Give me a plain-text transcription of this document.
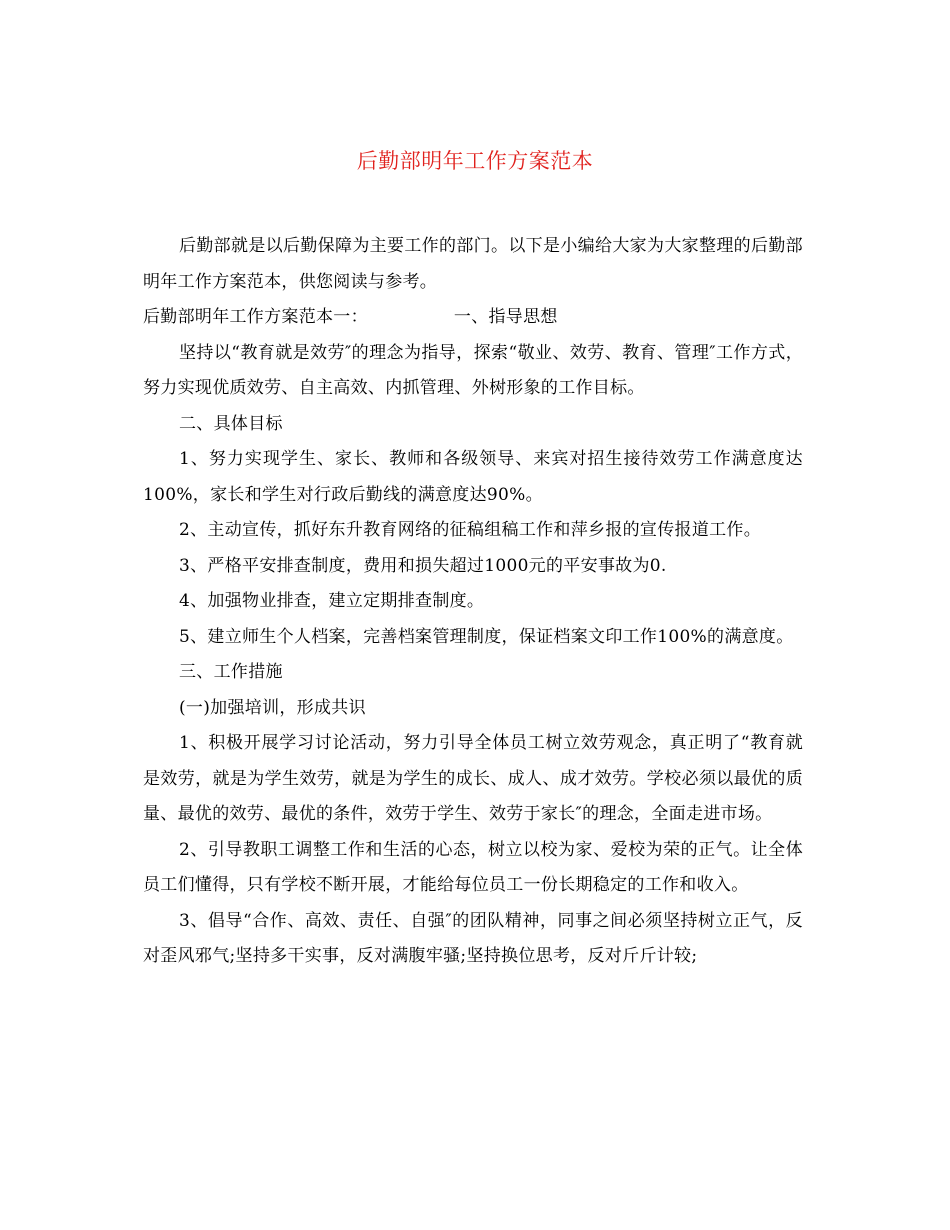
后勤部明年工作方案范本

后勤部就是以后勤保障为主要工作的部门。以下是小编给大家为大家整理的后勤部明年工作方案范本，供您阅读与参考。

后勤部明年工作方案范本一：	一、指导思想

坚持以“教育就是效劳″的理念为指导，探索“敬业、效劳、教育、管理″工作方式，努力实现优质效劳、自主高效、内抓管理、外树形象的工作目标。

二、具体目标

1、努力实现学生、家长、教师和各级领导、来宾对招生接待效劳工作满意度达100%，家长和学生对行政后勤线的满意度达90%。

2、主动宣传，抓好东升教育网络的征稿组稿工作和萍乡报的宣传报道工作。

3、严格平安排查制度，费用和损失超过1000元的平安事故为0.

4、加强物业排查，建立定期排查制度。

5、建立师生个人档案，完善档案管理制度，保证档案文印工作100%的满意度。

三、工作措施

(一)加强培训，形成共识

1、积极开展学习讨论活动，努力引导全体员工树立效劳观念，真正明了“教育就是效劳，就是为学生效劳，就是为学生的成长、成人、成才效劳。学校必须以最优的质量、最优的效劳、最优的条件，效劳于学生、效劳于家长″的理念，全面走进市场。

2、引导教职工调整工作和生活的心态，树立以校为家、爱校为荣的正气。让全体员工们懂得，只有学校不断开展，才能给每位员工一份长期稳定的工作和收入。

3、倡导“合作、高效、责任、自强″的团队精神，同事之间必须坚持树立正气，反对歪风邪气;坚持多干实事，反对满腹牢骚;坚持换位思考，反对斤斤计较;
